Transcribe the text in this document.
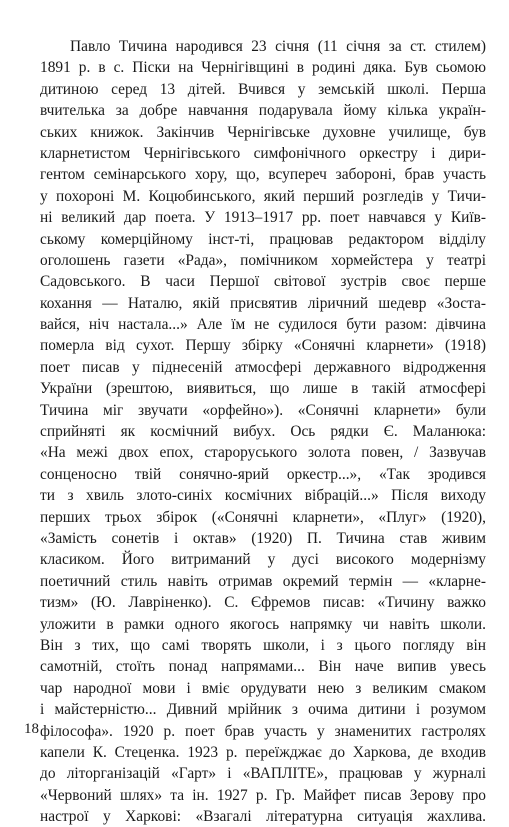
Павло Тичина народився 23 січня (11 січня за ст. стилем)
1891 р. в с. Піски на Чернігівщині в родині дяка. Був сьомою
дитиною серед 13 дітей. Вчився у земській школі. Перша
вчителька за добре навчання подарувала йому кілька україн-
ських книжок. Закінчив Чернігівське духовне училище, був
кларнетистом Чернігівського симфонічного оркестру і дири-
гентом семінарського хору, що, всупереч забороні, брав участь
у похороні М. Коцюбинського, який перший розгледів у Тичи-
ні великий дар поета. У 1913–1917 рр. поет навчався у Київ-
ському комерційному інст-ті, працював редактором відділу
оголошень газети «Рада», помічником хормейстера у театрі
Садовського. В часи Першої світової зустрів своє перше
кохання — Наталю, якій присвятив ліричний шедевр «Зоста-
вайся, ніч настала...» Але їм не судилося бути разом: дівчина
померла від сухот. Першу збірку «Сонячні кларнети» (1918)
поет писав у піднесеній атмосфері державного відродження
України (зрештою, виявиться, що лише в такій атмосфері
Тичина міг звучати «орфейно»). «Сонячні кларнети» були
сприйняті як космічний вибух. Ось рядки Є. Маланюка:
«На межі двох епох, староруського золота повен, / Зазвучав
сонценосно твій сонячно-ярий оркестр...», «Так зродився
ти з хвиль злото-синіх космічних вібрацій...» Після виходу
перших трьох збірок («Сонячні кларнети», «Плуг» (1920),
«Замість сонетів і октав» (1920) П. Тичина став живим
класиком. Його витриманий у дусі високого модернізму
поетичний стиль навіть отримав окремий термін — «кларне-
тизм» (Ю. Лавріненко). С. Єфремов писав: «Тичину важко
уложити в рамки одного якогось напрямку чи навіть школи.
Він з тих, що самі творять школи, і з цього погляду він
самотній, стоїть понад напрямами... Він наче випив увесь
чар народної мови і вміє орудувати нею з великим смаком
і майстерністю... Дивний мрійник з очима дитини і розумом
філософа». 1920 р. поет брав участь у знаменитих гастролях
капели К. Стеценка. 1923 р. переїжджає до Харкова, де входив
до літорганізацій «Гарт» і «ВАПЛІТЕ», працював у журналі
«Червоний шлях» та ін. 1927 р. Гр. Майфет писав Зерову про
настрої у Харкові: «Взагалі літературна ситуація жахлива.
18
